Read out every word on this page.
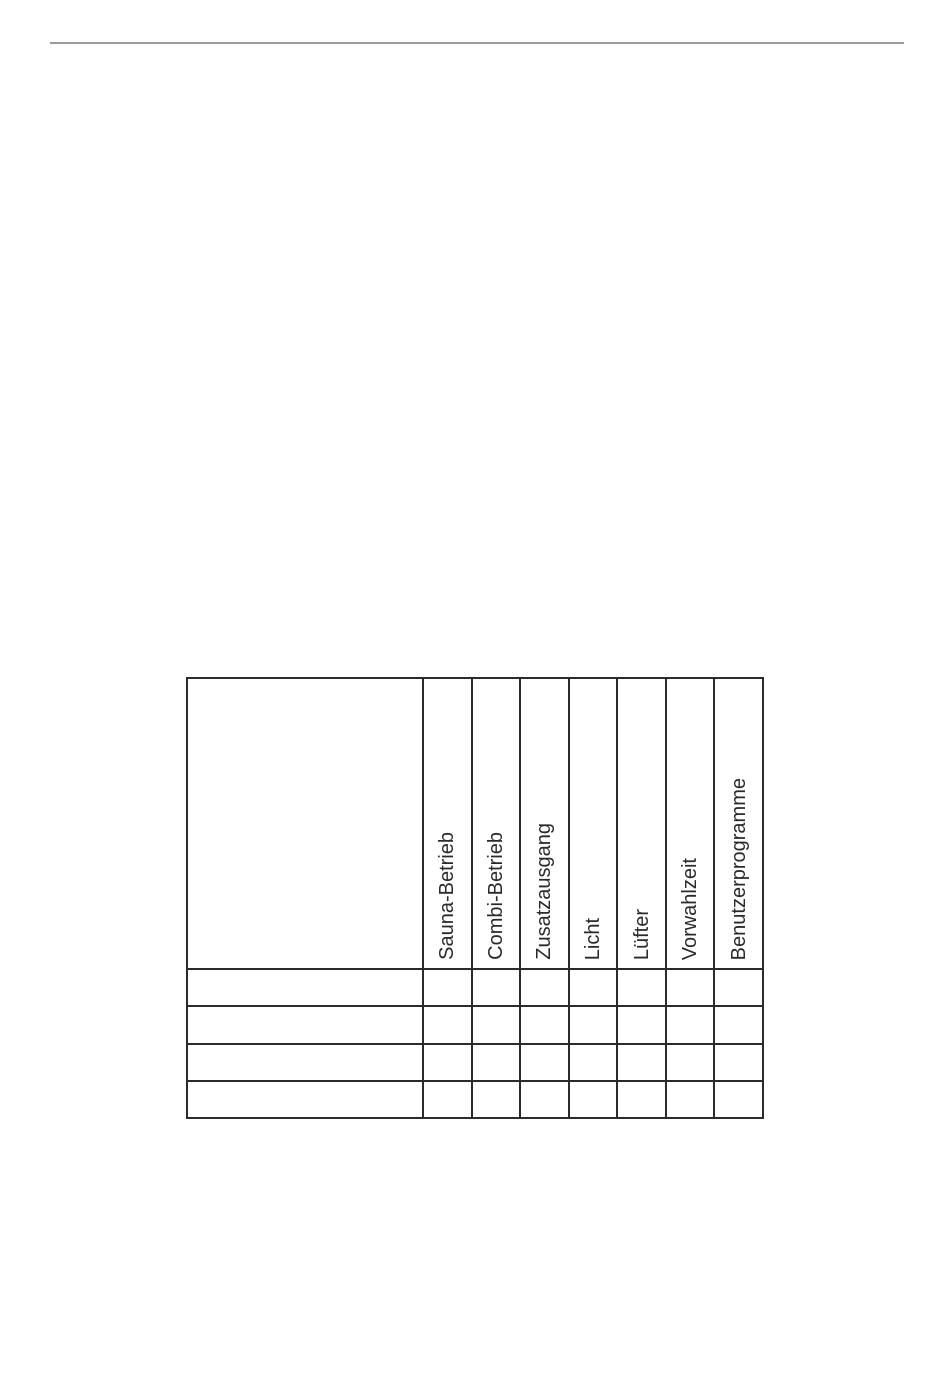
Sauna-Betrieb Combi-Betrieb Zusatzausgang Licht Lüfter Vorwahlzeit Benutzerprogramme
